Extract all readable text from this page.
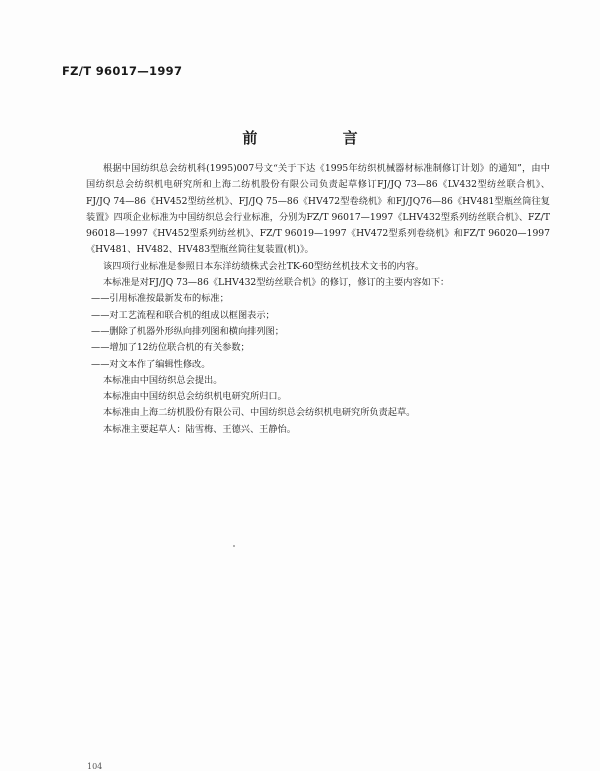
FZ/T 96017—1997
前 言

根据中国纺织总会纺机科(1995)007号文“关于下达《1995年纺织机械器材标准制修订计划》的通知”，由中国纺织总会纺织机电研究所和上海二纺机股份有限公司负责起草修订FJ/JQ 73—86《LV432型纺丝联合机》、FJ/JQ 74—86《HV452型纺丝机》、FJ/JQ 75—86《HV472型卷绕机》和FJ/JQ76—86《HV481型瓶丝筒往复装置》四项企业标准为中国纺织总会行业标准，分别为FZ/T 96017—1997《LHV432型系列纺丝联合机》、FZ/T 96018—1997《HV452型系列纺丝机》、FZ/T 96019—1997《HV472型系列卷绕机》和FZ/T 96020—1997《HV481、HV482、HV483型瓶丝筒往复装置(机)》。

该四项行业标准是参照日本东洋纺绩株式会社TK-60型纺丝机技术文书的内容。

本标准是对FJ/JQ 73—86《LHV432型纺丝联合机》的修订，修订的主要内容如下：

——引用标准按最新发布的标准；

——对工艺流程和联合机的组成以框图表示；

——删除了机器外形纵向排列图和横向排列图；

——增加了12纺位联合机的有关参数；

——对文本作了编辑性修改。

本标准由中国纺织总会提出。

本标准由中国纺织总会纺织机电研究所归口。

本标准由上海二纺机股份有限公司、中国纺织总会纺织机电研究所负责起草。

本标准主要起草人：陆雪梅、王德兴、王静怡。

104
